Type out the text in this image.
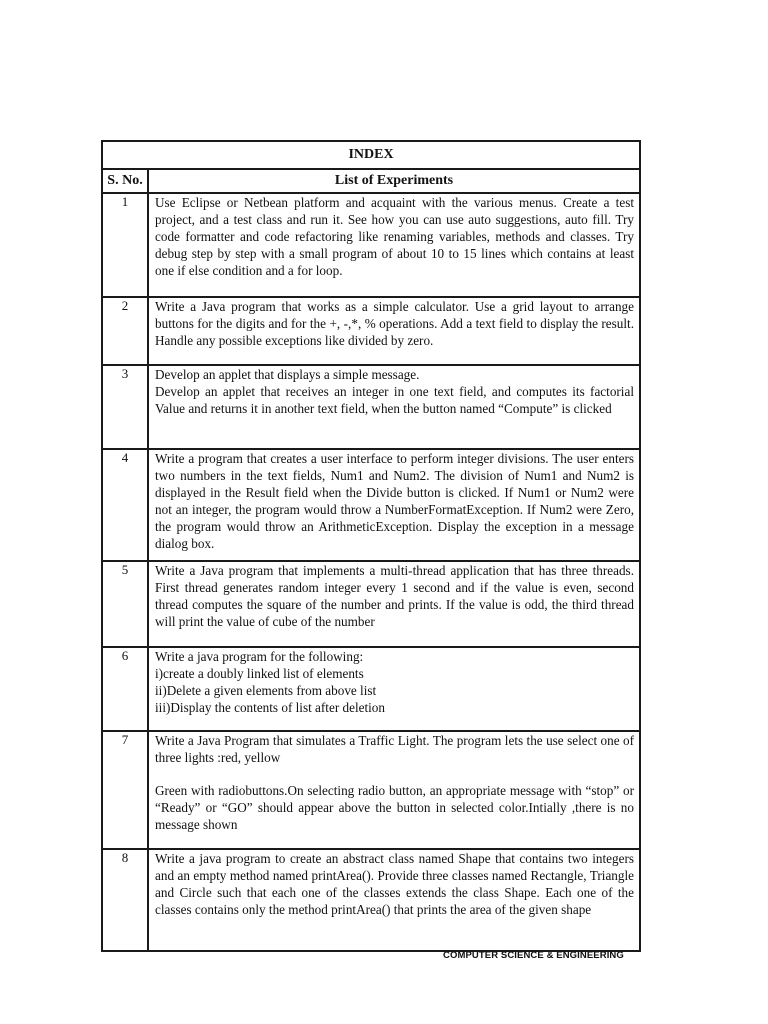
INDEX	
S. No.	List of Experiments
1	Use Eclipse or Netbean platform and acquaint with the various menus. Create a test project, and a test class and run it. See how you can use auto suggestions, auto fill. Try code formatter and code refactoring like renaming variables, methods and classes. Try debug step by step with a small program of about 10 to 15 lines which contains at least one if else condition and a for loop.

2	Write a Java program that works as a simple calculator. Use a grid layout to arrange buttons for the digits and for the +, -,*, % operations. Add a text field to display the result. Handle any possible exceptions like divided by zero.

3	Develop an applet that displays a simple message.
Develop an applet that receives an integer in one text field, and computes its factorial Value and returns it in another text field, when the button named “Compute” is clicked

4	Write a program that creates a user interface to perform integer divisions. The user enters two numbers in the text fields, Num1 and Num2. The division of Num1 and Num2 is displayed in the Result field when the Divide button is clicked. If Num1 or Num2 were not an integer, the program would throw a NumberFormatException. If Num2 were Zero, the program would throw an ArithmeticException. Display the exception in a message dialog box.

5	Write a Java program that implements a multi-thread application that has three threads. First thread generates random integer every 1 second and if the value is even, second thread computes the square of the number and prints. If the value is odd, the third thread will print the value of cube of the number

6	Write a java program for the following:
i)create a doubly linked list of elements
ii)Delete a given elements from above list
iii)Display the contents of list after deletion

7	Write a Java Program that simulates a Traffic Light. The program lets the use select one of three lights :red, yellow
Green with radiobuttons.On selecting radio button, an appropriate message with “stop” or “Ready” or “GO” should appear above the button in selected color.Intially ,there is no message shown

8	Write a java program to create an abstract class named Shape that contains two integers and an empty method named printArea(). Provide three classes named Rectangle, Triangle and Circle such that each one of the classes extends the class Shape. Each one of the classes contains only the method printArea() that prints the area of the given shape
COMPUTER SCIENCE & ENGINEERING
